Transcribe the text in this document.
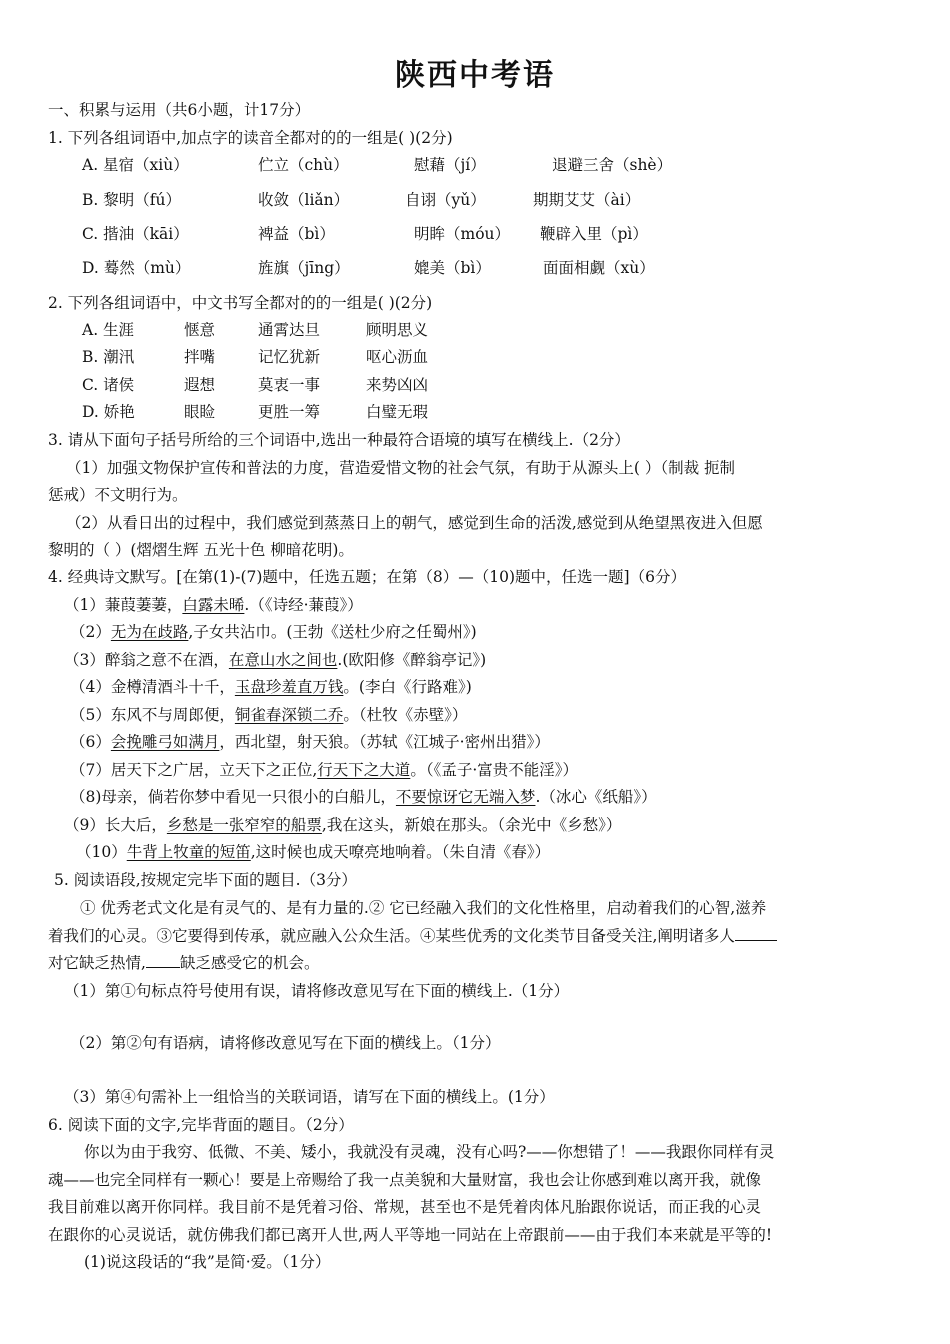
陕西中考语
一、积累与运用（共6小题，计17分）
1. 下列各组词语中,加点字的读音全都对的的一组是( )(2分)
A. 星宿（xiù）	伫立（chù）	慰藉（jí）	退避三舍（shè）
B. 黎明（fú）	收敛（liǎn）	自诩（yǔ）	期期艾艾（ài）
C. 揩油（kāi）	裨益（bì）	明眸（móu） 鞭辟入里（pì）
D. 蓦然（mù）	旌旗（jīng）	媲美（bì）	面面相觑（xù）
2. 下列各组词语中，中文书写全都对的的一组是( )(2分)
A. 生涯	惬意	通霄达旦	顾明思义
B. 潮汛	拌嘴	记忆犹新	呕心沥血
C. 诸侯	遐想	莫衷一事	来势凶凶
D. 娇艳	眼睑	更胜一筹	白璧无瑕
3. 请从下面句子括号所给的三个词语中,选出一种最符合语境的填写在横线上.（2分）
（1）加强文物保护宣传和普法的力度，营造爱惜文物的社会气氛，有助于从源头上( ）（制裁 扼制
惩戒）不文明行为。
（2）从看日出的过程中，我们感觉到蒸蒸日上的朝气，感觉到生命的活泼,感觉到从绝望黑夜进入但愿
黎明的（ ）(熠熠生辉 五光十色 柳暗花明)。
4. 经典诗文默写。[在第(1)-(7)题中，任选五题；在第（8）—（10)题中，任选一题]（6分）
（1）蒹葭萋萋，白露未晞.（《诗经·蒹葭》）
（2）无为在歧路,子女共沾巾。(王勃《送杜少府之任蜀州》)
（3）醉翁之意不在酒，在意山水之间也.(欧阳修《醉翁亭记》)
（4）金樽清酒斗十千，玉盘珍羞直万钱。(李白《行路难》)
（5）东风不与周郎便，铜雀春深锁二乔。（杜牧《赤壁》）
（6）会挽雕弓如满月，西北望，射天狼。（苏轼《江城子·密州出猎》）
（7）居天下之广居，立天下之正位,行天下之大道。（《孟子·富贵不能淫》）
（8)母亲，倘若你梦中看见一只很小的白船儿，不要惊讶它无端入梦.（冰心《纸船》）
（9）长大后，乡愁是一张窄窄的船票,我在这头，新娘在那头。（余光中《乡愁》）
（10）牛背上牧童的短笛,这时候也成天嘹亮地响着。（朱自清《春》）
5. 阅读语段,按规定完毕下面的题目.（3分）
① 优秀老式文化是有灵气的、是有力量的.② 它已经融入我们的文化性格里，启动着我们的心智,滋养
着我们的心灵。③它要得到传承，就应融入公众生活。④某些优秀的文化类节目备受关注,阐明诸多人
对它缺乏热情, 缺乏感受它的机会。
（1）第①句标点符号使用有误，请将修改意见写在下面的横线上.（1分）
（2）第②句有语病，请将修改意见写在下面的横线上。（1分）
（3）第④句需补上一组恰当的关联词语，请写在下面的横线上。(1分）
6. 阅读下面的文字,完毕背面的题目。（2分）
你以为由于我穷、低微、不美、矮小，我就没有灵魂，没有心吗?——你想错了！——我跟你同样有灵
魂——也完全同样有一颗心！要是上帝赐给了我一点美貌和大量财富，我也会让你感到难以离开我，就像
我目前难以离开你同样。我目前不是凭着习俗、常规，甚至也不是凭着肉体凡胎跟你说话，而正我的心灵
在跟你的心灵说话，就仿佛我们都已离开人世,两人平等地一同站在上帝跟前——由于我们本来就是平等的!
(1)说这段话的“我”是简·爱。（1分）
